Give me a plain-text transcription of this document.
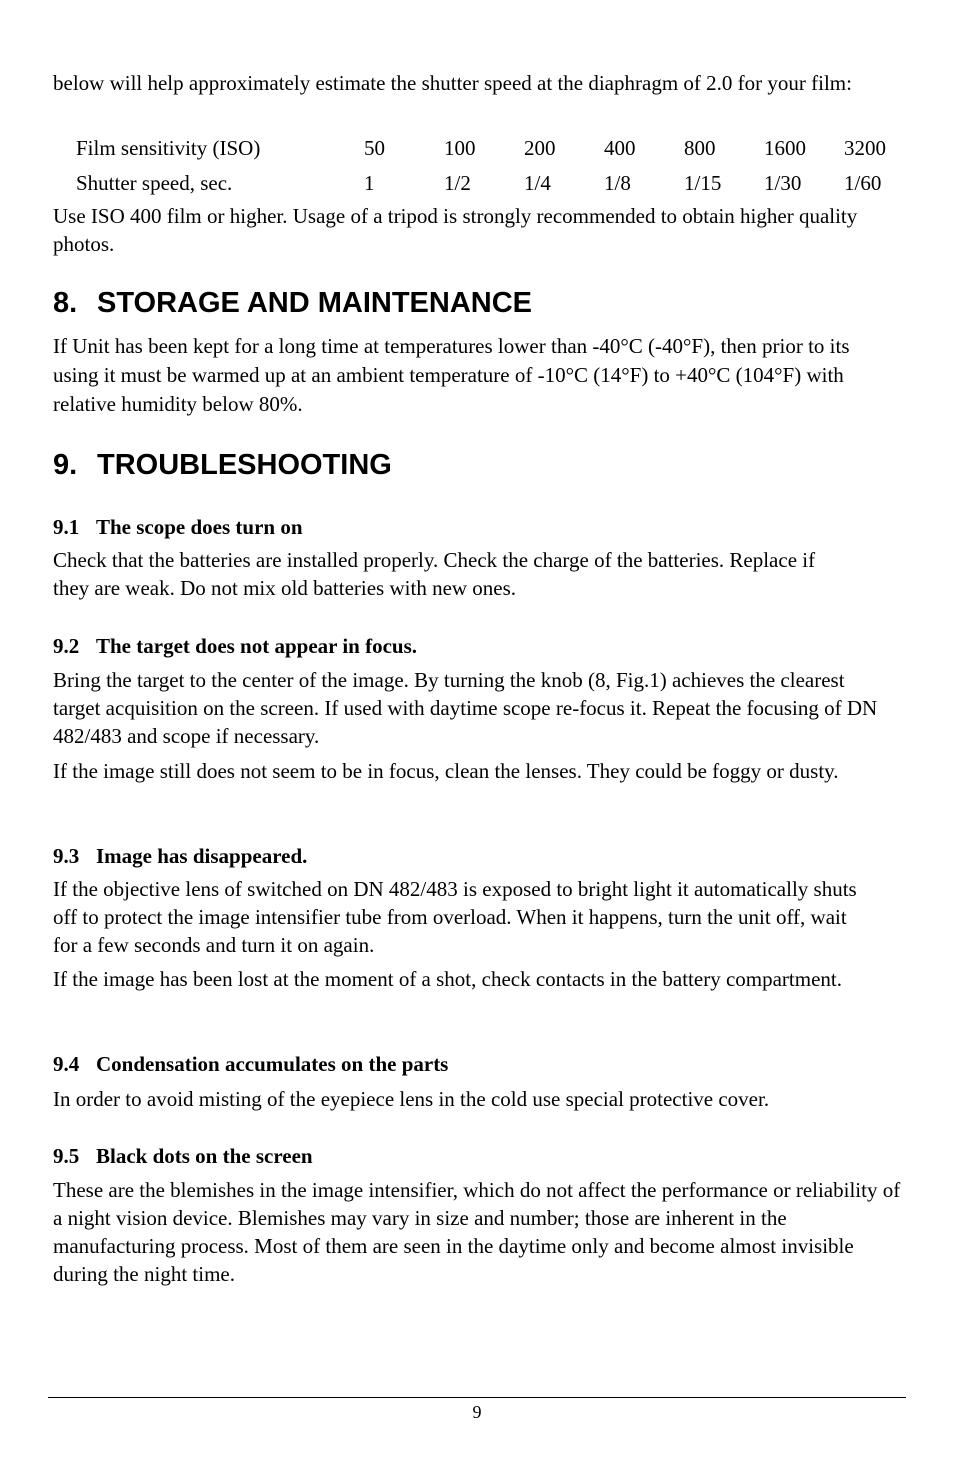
below will help approximately estimate the shutter speed at the diaphragm of 2.0 for your film:

Film sensitivity (ISO)	50	100	200	400	800	1600	3200
Shutter speed, sec.	1	1/2	1/4	1/8	1/15	1/30	1/60

Use ISO 400 film or higher. Usage of a tripod is strongly recommended to obtain higher quality photos.

8. STORAGE AND MAINTENANCE

If Unit has been kept for a long time at temperatures lower than -40°C (-40°F), then prior to its using it must be warmed up at an ambient temperature of -10°C (14°F) to +40°C (104°F) with relative humidity below 80%.

9. TROUBLESHOOTING
9.1 The scope does turn on

Check that the batteries are installed properly. Check the charge of the batteries. Replace if they are weak. Do not mix old batteries with new ones.

9.2 The target does not appear in focus.

Bring the target to the center of the image. By turning the knob (8, Fig.1) achieves the clearest target acquisition on the screen. If used with daytime scope re-focus it. Repeat the focusing of DN 482/483 and scope if necessary.

If the image still does not seem to be in focus, clean the lenses. They could be foggy or dusty.

9.3 Image has disappeared.

If the objective lens of switched on DN 482/483 is exposed to bright light it automatically shuts off to protect the image intensifier tube from overload. When it happens, turn the unit off, wait for a few seconds and turn it on again.

If the image has been lost at the moment of a shot, check contacts in the battery compartment.

9.4 Condensation accumulates on the parts

In order to avoid misting of the eyepiece lens in the cold use special protective cover.

9.5 Black dots on the screen

These are the blemishes in the image intensifier, which do not affect the performance or reliability of a night vision device. Blemishes may vary in size and number; those are inherent in the manufacturing process. Most of them are seen in the daytime only and become almost invisible during the night time.

9
